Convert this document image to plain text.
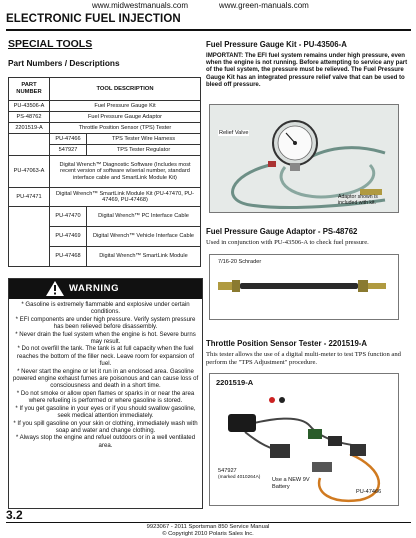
www.midwestmanuals.com	www.green-manuals.com
ELECTRONIC FUEL INJECTION
SPECIAL TOOLS
Part Numbers / Descriptions
PART NUMBER	TOOL DESCRIPTION	
PU-43506-A	Fuel Pressure Gauge Kit	
PS-48762	Fuel Pressure Gauge Adaptor	
2201519-A	Throttle Position Sensor (TPS) Tester	
	PU-47466	TPS Tester Wire Harness
	547927	TPS Tester Regulator
PU-47063-A	Digital Wrench™ Diagnostic Software (Includes most recent version of software w/serial number, standard interface cable and SmartLink Module Kit)	
PU-47471	Digital Wrench™ SmartLink Module Kit (PU-47470, PU-47469, PU-47468)	
	PU-47470	Digital Wrench™ PC Interface Cable
	PU-47469	Digital Wrench™ Vehicle Interface Cable
	PU-47468	Digital Wrench™ SmartLink Module
WARNING

* Gasoline is extremely flammable and explosive under certain conditions.

* EFI components are under high pressure. Verify system pressure has been relieved before disassembly.

* Never drain the fuel system when the engine is hot. Severe burns may result.

* Do not overfill the tank. The tank is at full capacity when the fuel reaches the bottom of the filler neck. Leave room for expansion of fuel.

* Never start the engine or let it run in an enclosed area. Gasoline powered engine exhaust fumes are poisonous and can cause loss of consciousness and death in a short time.

* Do not smoke or allow open flames or sparks in or near the area where refueling is performed or where gasoline is stored.

* If you get gasoline in your eyes or if you should swallow gasoline, seek medical attention immediately.

* If you spill gasoline on your skin or clothing, immediately wash with soap and water and change clothing.

* Always stop the engine and refuel outdoors or in a well ventilated area.

Fuel Pressure Gauge Kit - PU-43506-A
IMPORTANT: The EFI fuel system remains under high pressure, even when the engine is not running. Before attempting to service any part of the fuel system, the pressure must be relieved. The Fuel Pressure Gauge Kit has an integrated pressure relief valve that can be used to bleed off pressure.
Relief Valve
Adaptor shown is included with kit.
Fuel Pressure Gauge Adaptor - PS-48762
Used in conjunction with PU-43506-A to check fuel pressure.
7/16-20 Schrader
Throttle Position Sensor Tester - 2201519-A
This tester allows the use of a digital multi-meter to test TPS function and perform the "TPS Adjustment" procedure.
2201519-A
547927
(marked 4010264A) Use a NEW 9V Battery
PU-47466
3.2
9923067 - 2011 Sportsman 850 Service Manual
© Copyright 2010 Polaris Sales Inc.
